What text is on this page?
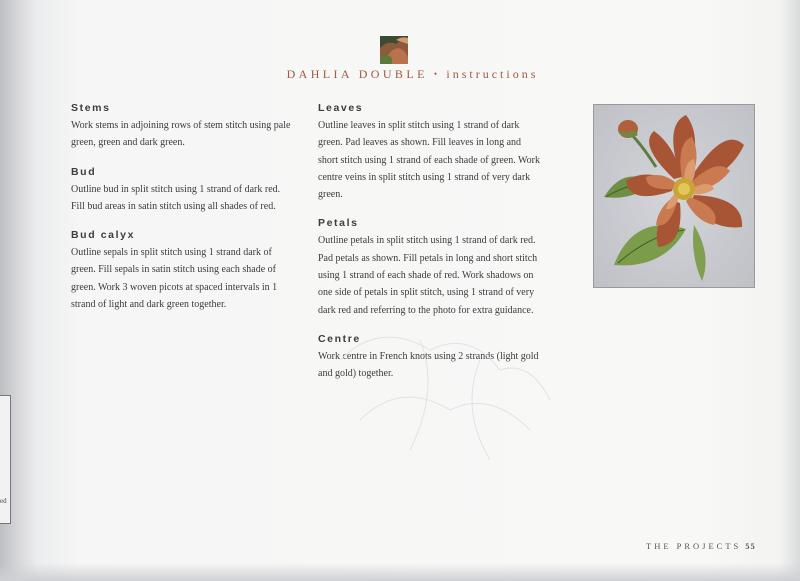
ed
DAHLIA DOUBLE • instructions
Stems
Work stems in adjoining rows of stem stitch using pale green, green and dark green.
Bud
Outline bud in split stitch using 1 strand of dark red. Fill bud areas in satin stitch using all shades of red.
Bud calyx
Outline sepals in split stitch using 1 strand dark of green. Fill sepals in satin stitch using each shade of green. Work 3 woven picots at spaced intervals in 1 strand of light and dark green together.
Leaves
Outline leaves in split stitch using 1 strand of dark green. Pad leaves as shown. Fill leaves in long and short stitch using 1 strand of each shade of green. Work centre veins in split stitch using 1 strand of very dark green.
Petals
Outline petals in split stitch using 1 strand of dark red. Pad petals as shown. Fill petals in long and short stitch using 1 strand of each shade of red. Work shadows on one side of petals in split stitch, using 1 strand of very dark red and referring to the photo for extra guidance.
Centre
Work centre in French knots using 2 strands (light gold and gold) together.
THE PROJECTS 55
